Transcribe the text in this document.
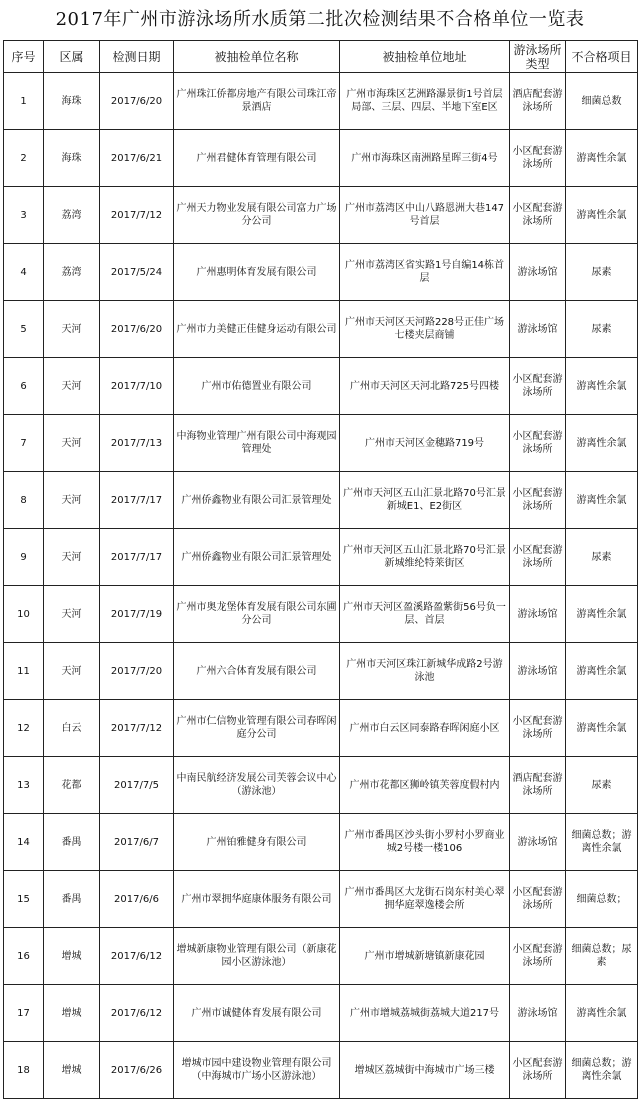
2017年广州市游泳场所水质第二批次检测结果不合格单位一览表
序号	区属	检测日期	被抽检单位名称	被抽检单位地址	游泳场所类型	不合格项目
1	海珠	2017/6/20	广州珠江侨都房地产有限公司珠江帝景酒店	广州市海珠区艺洲路瀑景街1号首层局部、三层、四层、半地下室E区	酒店配套游泳场所	细菌总数
2	海珠	2017/6/21	广州君健体育管理有限公司	广州市海珠区南洲路星晖三街4号	小区配套游泳场所	游离性余氯
3	荔湾	2017/7/12	广州天力物业发展有限公司富力广场分公司	广州市荔湾区中山八路恩洲大巷147号首层	小区配套游泳场所	游离性余氯
4	荔湾	2017/5/24	广州惠明体育发展有限公司	广州市荔湾区省实路1号自编14栋首层	游泳场馆	尿素
5	天河	2017/6/20	广州市力美健正佳健身运动有限公司	广州市天河区天河路228号正佳广场七楼夹层商铺	游泳场馆	尿素
6	天河	2017/7/10	广州市佑德置业有限公司	广州市天河区天河北路725号四楼	小区配套游泳场所	游离性余氯
7	天河	2017/7/13	中海物业管理广州有限公司中海观园管理处	广州市天河区金穗路719号	小区配套游泳场所	游离性余氯
8	天河	2017/7/17	广州侨鑫物业有限公司汇景管理处	广州市天河区五山汇景北路70号汇景新城E1、E2街区	小区配套游泳场所	游离性余氯
9	天河	2017/7/17	广州侨鑫物业有限公司汇景管理处	广州市天河区五山汇景北路70号汇景新城维纶特莱街区	小区配套游泳场所	尿素
10	天河	2017/7/19	广州市奥龙堡体育发展有限公司东圃分公司	广州市天河区盈溪路盈紫街56号负一层、首层	游泳场馆	游离性余氯
11	天河	2017/7/20	广州六合体育发展有限公司	广州市天河区珠江新城华成路2号游泳池	游泳场馆	游离性余氯
12	白云	2017/7/12	广州市仁信物业管理有限公司春晖闲庭分公司	广州市白云区同泰路春晖闲庭小区	小区配套游泳场所	游离性余氯
13	花都	2017/7/5	中南民航经济发展公司芙蓉会议中心（游泳池）	广州市花都区狮岭镇芙蓉度假村内	酒店配套游泳场所	尿素
14	番禺	2017/6/7	广州铂雅健身有限公司	广州市番禺区沙头街小罗村小罗商业城2号楼一楼106	游泳场馆	细菌总数；游离性余氯
15	番禺	2017/6/6	广州市翠拥华庭康体服务有限公司	广州市番禺区大龙街石岗东村美心翠拥华庭翠逸楼会所	小区配套游泳场所	细菌总数；
16	增城	2017/6/12	增城新康物业管理有限公司（新康花园小区游泳池）	广州市增城新塘镇新康花园	小区配套游泳场所	细菌总数；尿素
17	增城	2017/6/12	广州市诚健体育发展有限公司	广州市增城荔城街荔城大道217号	游泳场馆	游离性余氯
18	增城	2017/6/26	增城市园中建设物业管理有限公司（中海城市广场小区游泳池）	增城区荔城街中海城市广场三楼	小区配套游泳场所	细菌总数；游离性余氯
